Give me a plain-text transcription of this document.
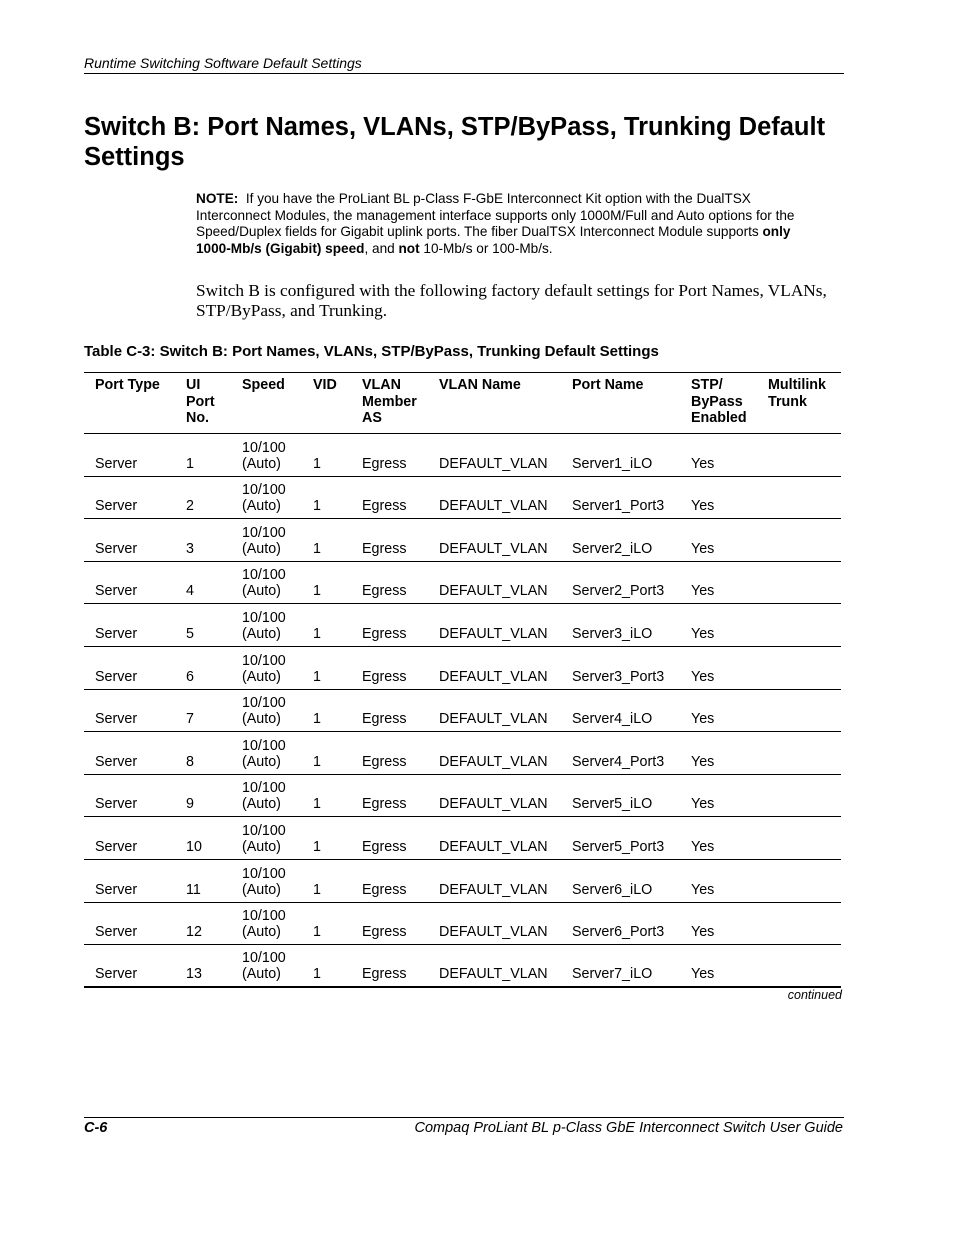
Runtime Switching Software Default Settings
Switch B: Port Names, VLANs, STP/ByPass, Trunking Default Settings
NOTE: If you have the ProLiant BL p-Class F-GbE Interconnect Kit option with the DualTSX Interconnect Modules, the management interface supports only 1000M/Full and Auto options for the Speed/Duplex fields for Gigabit uplink ports. The fiber DualTSX Interconnect Module supports only 1000-Mb/s (Gigabit) speed, and not 10-Mb/s or 100-Mb/s.

Switch B is configured with the following factory default settings for Port Names, VLANs, STP/ByPass, and Trunking.

Table C-3: Switch B: Port Names, VLANs, STP/ByPass, Trunking Default Settings
Port Type	UI
Port
No.	Speed	VID	VLAN
Member
AS	VLAN Name	Port Name	STP/
ByPass
Enabled	Multilink
Trunk
Server	1	10/100
(Auto)	1	Egress	DEFAULT_VLAN	Server1_iLO	Yes	
Server	2	10/100
(Auto)	1	Egress	DEFAULT_VLAN	Server1_Port3	Yes	
Server	3	10/100
(Auto)	1	Egress	DEFAULT_VLAN	Server2_iLO	Yes	
Server	4	10/100
(Auto)	1	Egress	DEFAULT_VLAN	Server2_Port3	Yes	
Server	5	10/100
(Auto)	1	Egress	DEFAULT_VLAN	Server3_iLO	Yes	
Server	6	10/100
(Auto)	1	Egress	DEFAULT_VLAN	Server3_Port3	Yes	
Server	7	10/100
(Auto)	1	Egress	DEFAULT_VLAN	Server4_iLO	Yes	
Server	8	10/100
(Auto)	1	Egress	DEFAULT_VLAN	Server4_Port3	Yes	
Server	9	10/100
(Auto)	1	Egress	DEFAULT_VLAN	Server5_iLO	Yes	
Server	10	10/100
(Auto)	1	Egress	DEFAULT_VLAN	Server5_Port3	Yes	
Server	11	10/100
(Auto)	1	Egress	DEFAULT_VLAN	Server6_iLO	Yes	
Server	12	10/100
(Auto)	1	Egress	DEFAULT_VLAN	Server6_Port3	Yes	
Server	13	10/100
(Auto)	1	Egress	DEFAULT_VLAN	Server7_iLO	Yes	
continued
C-6	Compaq ProLiant BL p-Class GbE Interconnect Switch User Guide
